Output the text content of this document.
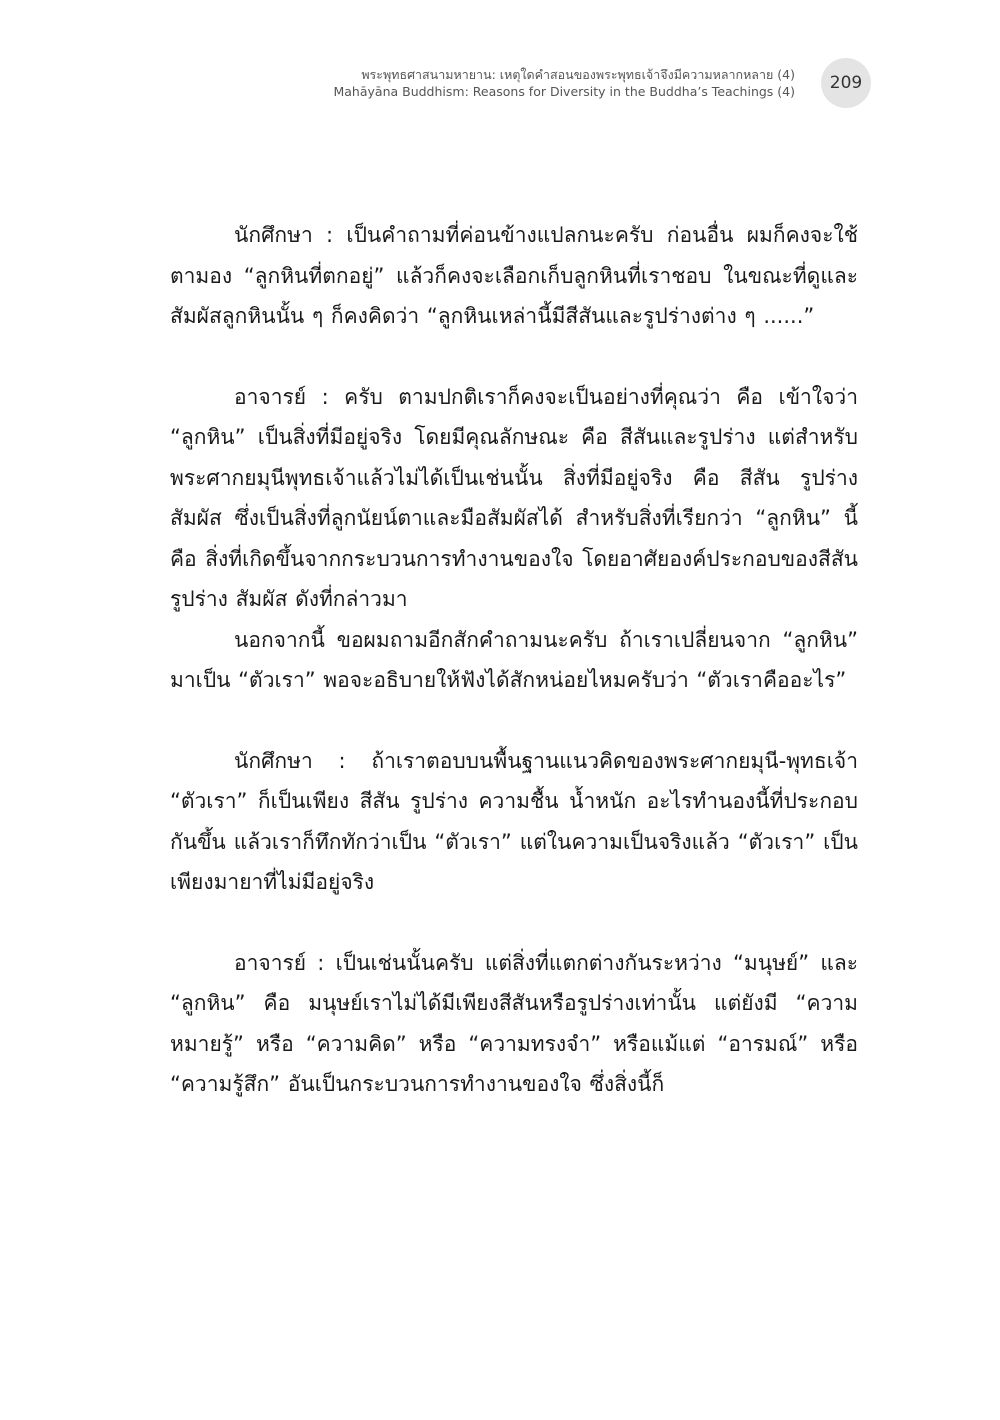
พระพุทธศาสนามหายาน: เหตุใดคำสอนของพระพุทธเจ้าจึงมีความหลากหลาย (4)
Mahāyāna Buddhism: Reasons for Diversity in the Buddha’s Teachings (4) 209

นักศึกษา : เป็นคำถามที่ค่อนข้างแปลกนะครับ ก่อนอื่น ผมก็คงจะใช้ตามอง “ลูกหินที่ตกอยู่” แล้วก็คงจะเลือกเก็บลูกหินที่เราชอบ ในขณะที่ดูและสัมผัสลูกหินนั้น ๆ ก็คงคิดว่า “ลูกหินเหล่านี้มีสีสันและรูปร่างต่าง ๆ ......”

อาจารย์ : ครับ ตามปกติเราก็คงจะเป็นอย่างที่คุณว่า คือ เข้าใจว่า “ลูกหิน” เป็นสิ่งที่มีอยู่จริง โดยมีคุณลักษณะ คือ สีสันและรูปร่าง แต่สำหรับพระศากยมุนีพุทธเจ้าแล้วไม่ได้เป็นเช่นนั้น สิ่งที่มีอยู่จริง คือ สีสัน รูปร่าง สัมผัส ซึ่งเป็นสิ่งที่ลูกนัยน์ตาและมือสัมผัสได้ สำหรับสิ่งที่เรียกว่า “ลูกหิน” นี้คือ สิ่งที่เกิดขึ้นจากกระบวนการทำงานของใจ โดยอาศัยองค์ประกอบของสีสัน รูปร่าง สัมผัส ดังที่กล่าวมา

นอกจากนี้ ขอผมถามอีกสักคำถามนะครับ ถ้าเราเปลี่ยนจาก “ลูกหิน” มาเป็น “ตัวเรา” พอจะอธิบายให้ฟังได้สักหน่อยไหมครับว่า “ตัวเราคืออะไร”

นักศึกษา : ถ้าเราตอบบนพื้นฐานแนวคิดของพระศากยมุนี-พุทธเจ้า “ตัวเรา” ก็เป็นเพียง สีสัน รูปร่าง ความชื้น น้ำหนัก อะไรทำนองนี้ที่ประกอบกันขึ้น แล้วเราก็ทึกทักว่าเป็น “ตัวเรา” แต่ในความเป็นจริงแล้ว “ตัวเรา” เป็นเพียงมายาที่ไม่มีอยู่จริง

อาจารย์ : เป็นเช่นนั้นครับ แต่สิ่งที่แตกต่างกันระหว่าง “มนุษย์” และ “ลูกหิน” คือ มนุษย์เราไม่ได้มีเพียงสีสันหรือรูปร่างเท่านั้น แต่ยังมี “ความหมายรู้” หรือ “ความคิด” หรือ “ความทรงจำ” หรือแม้แต่ “อารมณ์” หรือ “ความรู้สึก” อันเป็นกระบวนการทำงานของใจ ซึ่งสิ่งนี้ก็
